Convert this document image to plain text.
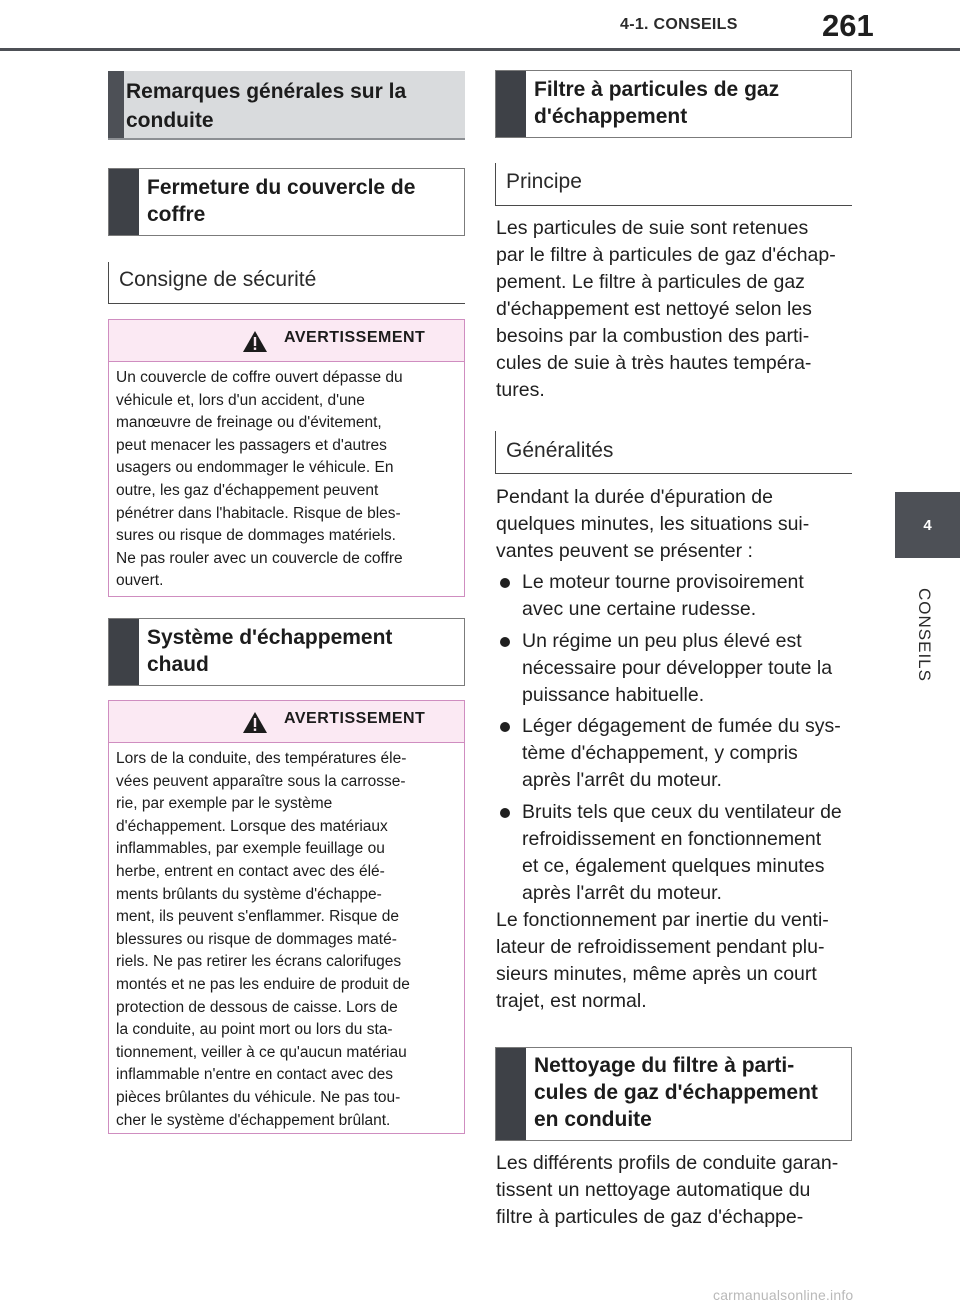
4-1. CONSEILS	261
4
CONSEILS
Remarques générales sur la
conduite
Fermeture du couvercle de
coffre
Consigne de sécurité
AVERTISSEMENT
Un couvercle de coffre ouvert dépasse du
véhicule et, lors d'un accident, d'une
manœuvre de freinage ou d'évitement,
peut menacer les passagers et d'autres
usagers ou endommager le véhicule. En
outre, les gaz d'échappement peuvent
pénétrer dans l'habitacle. Risque de bles-
sures ou risque de dommages matériels.
Ne pas rouler avec un couvercle de coffre
ouvert.
Système d'échappement
chaud
AVERTISSEMENT
Lors de la conduite, des températures éle-
vées peuvent apparaître sous la carrosse-
rie, par exemple par le système
d'échappement. Lorsque des matériaux
inflammables, par exemple feuillage ou
herbe, entrent en contact avec des élé-
ments brûlants du système d'échappe-
ment, ils peuvent s'enflammer. Risque de
blessures ou risque de dommages maté-
riels. Ne pas retirer les écrans calorifuges
montés et ne pas les enduire de produit de
protection de dessous de caisse. Lors de
la conduite, au point mort ou lors du sta-
tionnement, veiller à ce qu'aucun matériau
inflammable n'entre en contact avec des
pièces brûlantes du véhicule. Ne pas tou-
cher le système d'échappement brûlant.
Filtre à particules de gaz
d'échappement
Principe
Les particules de suie sont retenues
par le filtre à particules de gaz d'échap-
pement. Le filtre à particules de gaz
d'échappement est nettoyé selon les
besoins par la combustion des parti-
cules de suie à très hautes tempéra-
tures.
Généralités
Pendant la durée d'épuration de
quelques minutes, les situations sui-
vantes peuvent se présenter :
Le moteur tourne provisoirement
avec une certaine rudesse.
Un régime un peu plus élevé est
nécessaire pour développer toute la
puissance habituelle.
Léger dégagement de fumée du sys-
tème d'échappement, y compris
après l'arrêt du moteur.
Bruits tels que ceux du ventilateur de
refroidissement en fonctionnement
et ce, également quelques minutes
après l'arrêt du moteur.
Le fonctionnement par inertie du venti-
lateur de refroidissement pendant plu-
sieurs minutes, même après un court
trajet, est normal.
Nettoyage du filtre à parti-
cules de gaz d'échappement
en conduite
Les différents profils de conduite garan-
tissent un nettoyage automatique du
filtre à particules de gaz d'échappe-
carmanualsonline.info
